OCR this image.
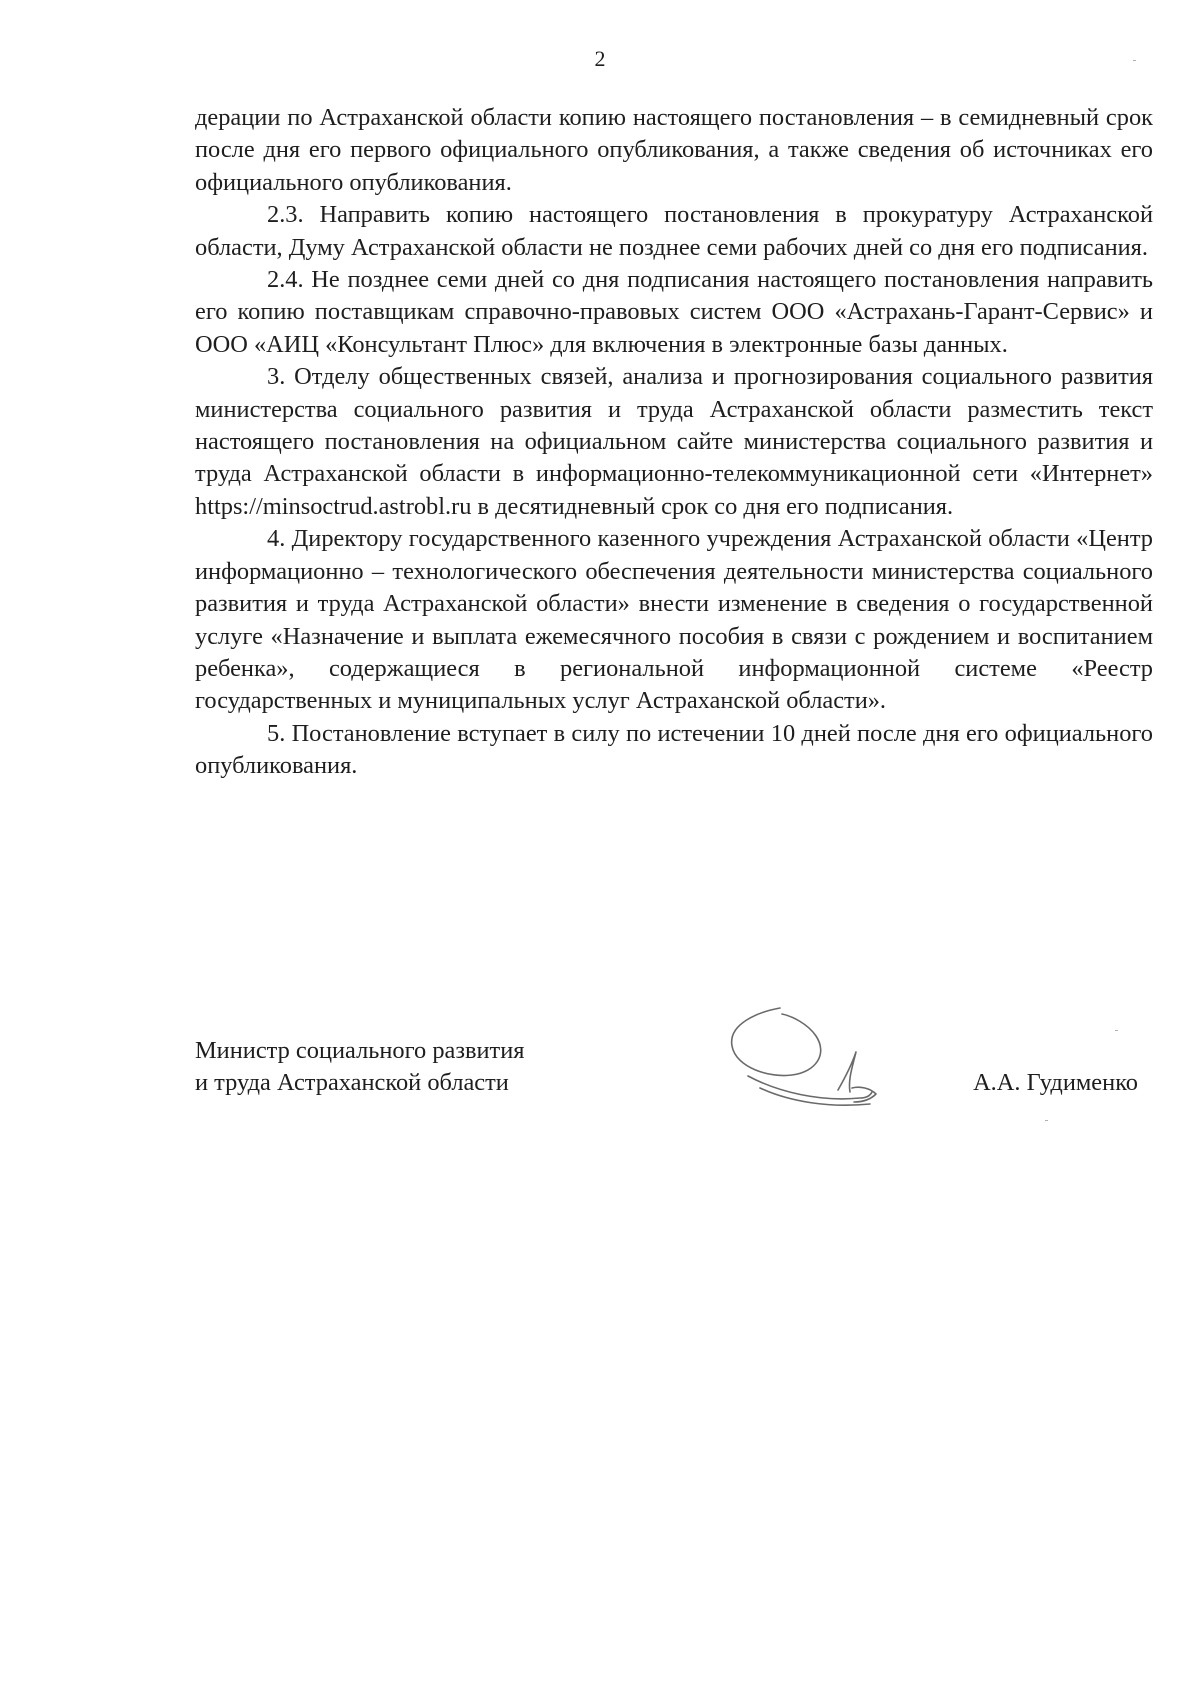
2

дерации по Астраханской области копию настоящего постановления – в семидневный срок после дня его первого официального опубликования, а также сведения об источниках его официального опубликования.

2.3. Направить копию настоящего постановления в прокуратуру Астраханской области, Думу Астраханской области не позднее семи рабочих дней со дня его подписания.

2.4. Не позднее семи дней со дня подписания настоящего постановления направить его копию поставщикам справочно-правовых систем ООО «Астрахань-Гарант-Сервис» и ООО «АИЦ «Консультант Плюс» для включения в электронные базы данных.

3. Отделу общественных связей, анализа и прогнозирования социального развития министерства социального развития и труда Астраханской области разместить текст настоящего постановления на официальном сайте министерства социального развития и труда Астраханской области в информационно-телекоммуникационной сети «Интернет» https://minsoctrud.astrobl.ru в десятидневный срок со дня его подписания.

4. Директору государственного казенного учреждения Астраханской области «Центр информационно – технологического обеспечения деятельности министерства социального развития и труда Астраханской области» внести изменение в сведения о государственной услуге «Назначение и выплата ежемесячного пособия в связи с рождением и воспитанием ребенка», содержащиеся в региональной информационной системе «Реестр государственных и муниципальных услуг Астраханской области».

5. Постановление вступает в силу по истечении 10 дней после дня его официального опубликования.

Министр социального развития
и труда Астраханской области	А.А. Гудименко
